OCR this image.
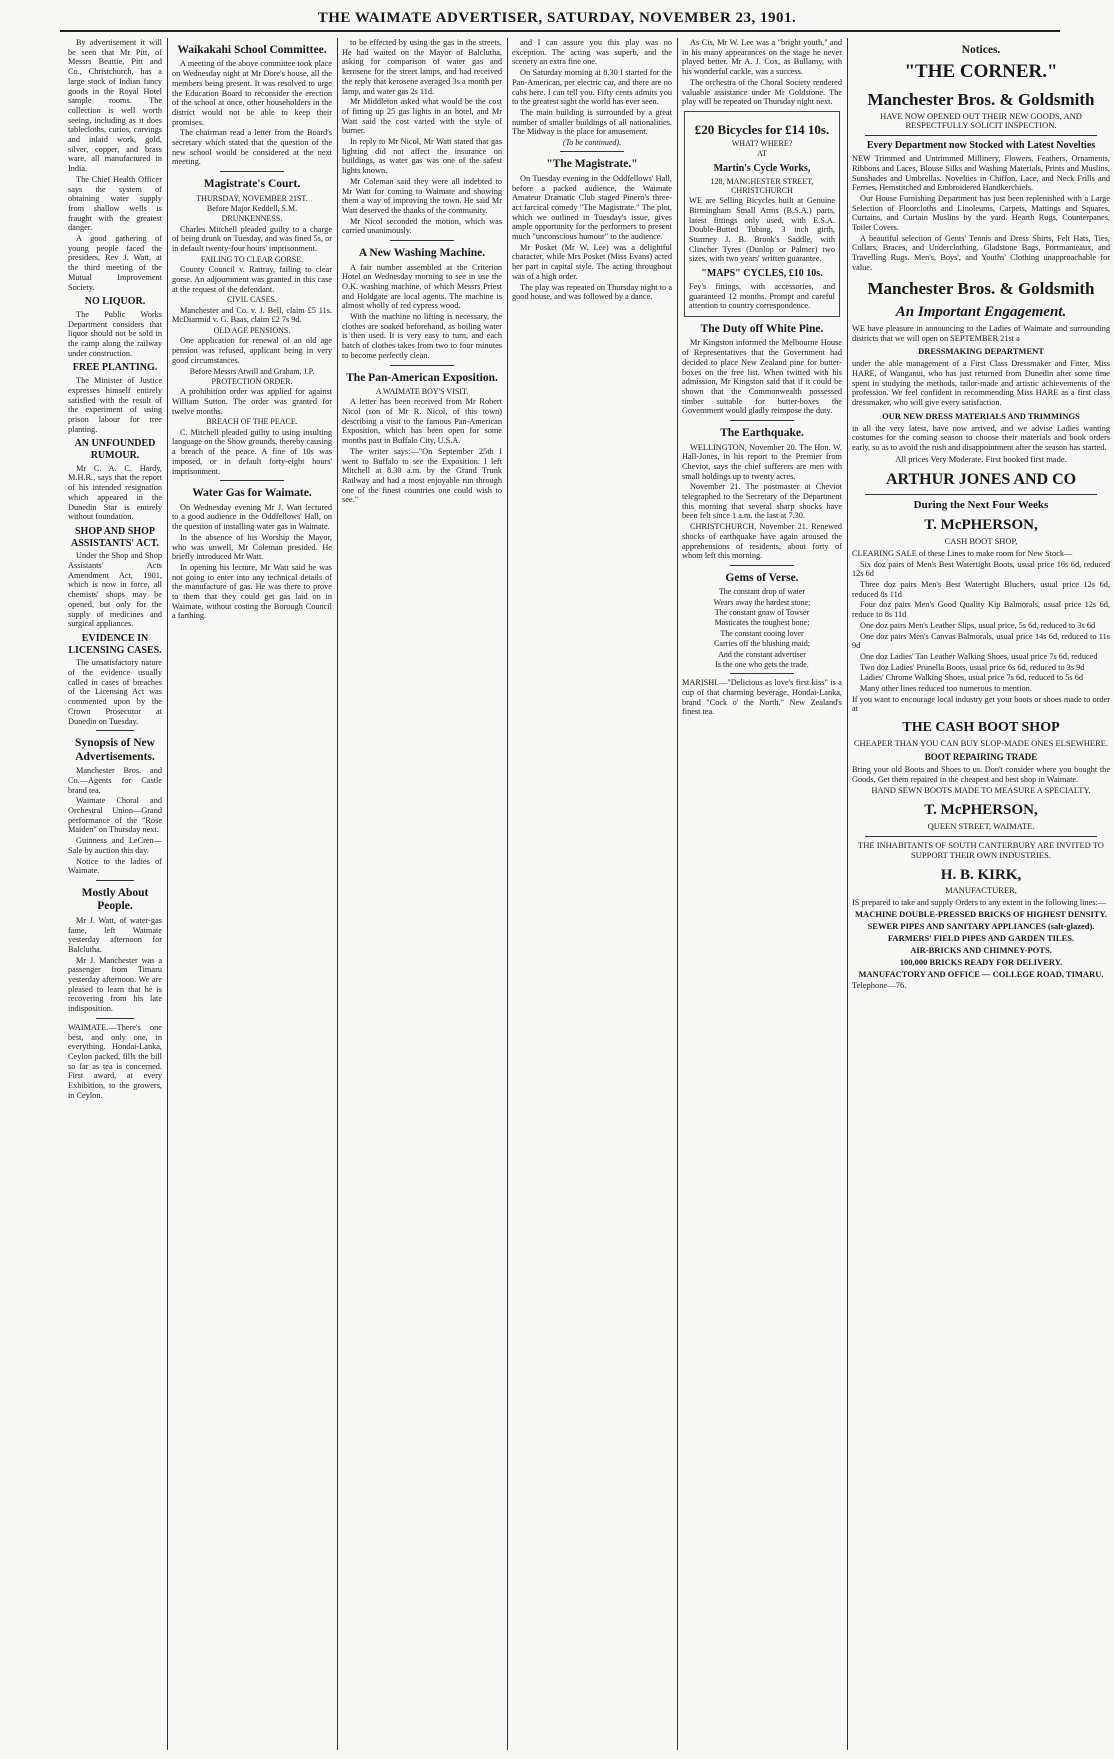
THE WAIMATE ADVERTISER, SATURDAY, NOVEMBER 23, 1901.

By advertisement it will be seen that Mr Pitt, of Messrs Beattie, Pitt and Co., Christchurch, has a large stock of Indian fancy goods in the Royal Hotel sample rooms. The collection is well worth seeing, including as it does tablecloths, curios, carvings and inlaid work, gold, silver, copper, and brass ware, all manufactured in India.

The Chief Health Officer says the system of obtaining water supply from shallow wells is fraught with the greatest danger.

A good gathering of young people faced the presiders, Rev J. Watt, at the third meeting of the Mutual Improvement Society.

NO LIQUOR.

The Public Works Department considers that liquor should not be sold in the camp along the railway under construction.

FREE PLANTING.

The Minister of Justice expresses himself entirely satisfied with the result of the experiment of using prison labour for tree planting.

AN UNFOUNDED RUMOUR.

Mr C. A. C. Hardy, M.H.R., says that the report of his intended resignation which appeared in the Dunedin Star is entirely without foundation.

SHOP AND SHOP ASSISTANTS' ACT.

Under the Shop and Shop Assistants' Acts Amendment Act, 1901, which is now in force, all chemists' shops may be opened, but only for the supply of medicines and surgical appliances.

EVIDENCE IN LICENSING CASES.

The unsatisfactory nature of the evidence usually called in cases of breaches of the Licensing Act was commented upon by the Crown Prosecutor at Dunedin on Tuesday.

Synopsis of New Advertisements.

Manchester Bros. and Co.—Agents for Castle brand tea.

Waimate Choral and Orchestral Union—Grand performance of the "Rose Maiden" on Thursday next.

Guinness and LeCren—Sale by auction this day.

Notice to the ladies of Waimate.

Mostly About People.

Mr J. Watt, of water-gas fame, left Waimate yesterday afternoon for Balclutha.

Mr J. Manchester was a passenger from Timaru yesterday afternoon. We are pleased to learn that he is recovering from his late indisposition.

WAIMATE.—There's one best, and only one, in everything. Hondai-Lanka, Ceylon packed, fills the bill so far as tea is concerned. First award, at every Exhibition, to the growers, in Ceylon.

Waikakahi School Committee.

A meeting of the above committee took place on Wednesday night at Mr Dore's house, all the members being present. It was resolved to urge the Education Board to reconsider the erection of the school at once, other householders in the district would not be able to keep their promises.

The chairman read a letter from the Board's secretary which stated that the question of the new school would be considered at the next meeting.

Magistrate's Court.
THURSDAY, NOVEMBER 21ST.
Before Major Keddell, S.M.
DRUNKENNESS.

Charles Mitchell pleaded guilty to a charge of being drunk on Tuesday, and was fined 5s, or in default twenty-four hours' imprisonment.

FAILING TO CLEAR GORSE.

County Council v. Rattray, failing to clear gorse. An adjournment was granted in this case at the request of the defendant.

CIVIL CASES.

Manchester and Co. v. J. Bell, claim £5 11s. McDiarmid v. G. Baas, claim £2 7s 9d.

OLD AGE PENSIONS.

One application for renewal of an old age pension was refused, applicant being in very good circumstances.

Before Messrs Atwill and Graham, J.P.
PROTECTION ORDER.

A prohibition order was applied for against William Sutton. The order was granted for twelve months.

BREACH OF THE PEACE.

C. Mitchell pleaded guilty to using insulting language on the Show grounds, thereby causing a breach of the peace. A fine of 10s was imposed, or in default forty-eight hours' imprisonment.

Water Gas for Waimate.

On Wednesday evening Mr J. Watt lectured to a good audience in the Oddfellows' Hall, on the question of installing water gas in Waimate.

In the absence of his Worship the Mayor, who was unwell, Mr Coleman presided. He briefly introduced Mr Watt.

In opening his lecture, Mr Watt said he was not going to enter into any technical details of the manufacture of gas. He was there to prove to them that they could get gas laid on in Waimate, without costing the Borough Council a farthing.

to be effected by using the gas in the streets. He had waited on the Mayor of Balclutha, asking for comparison of water gas and kerosene for the street lamps, and had received the reply that kerosene averaged 3s a month per lamp, and water gas 2s 11d.

Mr Middleton asked what would be the cost of fitting up 25 gas lights in an hotel, and Mr Watt said the cost varied with the style of burner.

In reply to Mr Nicol, Mr Watt stated that gas lighting did not affect the insurance on buildings, as water gas was one of the safest lights known.

Mr Coleman said they were all indebted to Mr Watt for coming to Waimate and showing them a way of improving the town. He said Mr Watt deserved the thanks of the community.

Mr Nicol seconded the motion, which was carried unanimously.

A New Washing Machine.

A fair number assembled at the Criterion Hotel on Wednesday morning to see in use the O.K. washing machine, of which Messrs Priest and Holdgate are local agents. The machine is almost wholly of red cypress wood.

With the machine no lifting is necessary, the clothes are soaked beforehand, as boiling water is then used. It is very easy to turn, and each batch of clothes takes from two to four minutes to become perfectly clean.

The Pan-American Exposition.
A WAIMATE BOY'S VISIT.

A letter has been received from Mr Robert Nicol (son of Mr R. Nicol, of this town) describing a visit to the famous Pan-American Exposition, which has been open for some months past in Buffalo City, U.S.A.

The writer says:—"On September 25th I went to Buffalo to see the Exposition. I left Mitchell at 8.30 a.m. by the Grand Trunk Railway and had a most enjoyable run through one of the finest countries one could wish to see."

and I can assure you this play was no exception. The acting was superb, and the scenery an extra fine one.

On Saturday morning at 8.30 I started for the Pan-American, per electric car, and there are no cabs here. I can tell you. Fifty cents admits you to the greatest sight the world has ever seen.

The main building is surrounded by a great number of smaller buildings of all nationalities. The Midway is the place for amusement.

(To be continued).
"The Magistrate."

On Tuesday evening in the Oddfellows' Hall, before a packed audience, the Waimate Amateur Dramatic Club staged Pinero's three-act farcical comedy "The Magistrate." The plot, which we outlined in Tuesday's issue, gives ample opportunity for the performers to present much "unconscious humour" to the audience.

Mr Posket (Mr W. Lee) was a delightful character, while Mrs Posket (Miss Evans) acted her part in capital style. The acting throughout was of a high order.

The play was repeated on Thursday night to a good house, and was followed by a dance.

As Cis, Mr W. Lee was a "bright youth," and in his many appearances on the stage he never played better. Mr A. J. Cox, as Bullamy, with his wonderful cackle, was a success.

The orchestra of the Choral Society rendered valuable assistance under Mr Goldstone. The play will be repeated on Thursday night next.

£20 Bicycles for £14 10s.
WHAT? WHERE?
AT
Martin's Cycle Works,
128, MANCHESTER STREET, CHRISTCHURCH

WE are Selling Bicycles built at Genuine Birmingham Small Arms (B.S.A.) parts, latest fittings only used, with E.S.A. Double-Butted Tubing, 3 inch girth, Sturmey J. B. Brook's Saddle, with Clincher Tyres (Dunlop or Palmer) two sizes, with two years' written guarantee.

"MAPS" CYCLES, £10 10s.

Fey's fittings, with accessories, and guaranteed 12 months. Prompt and careful attention to country correspondence.

The Duty off White Pine.

Mr Kingston informed the Melbourne House of Representatives that the Government had decided to place New Zealand pine for butter-boxes on the free list. When twitted with his admission, Mr Kingston said that if it could be shown that the Commonwealth possessed timber suitable for butter-boxes the Government would gladly reimpose the duty.

The Earthquake.

WELLINGTON, November 20. The Hon. W. Hall-Jones, in his report to the Premier from Cheviot, says the chief sufferers are men with small holdings up to twenty acres.

November 21. The postmaster at Cheviot telegraphed to the Secretary of the Department this morning that several sharp shocks have been felt since 1 a.m. the last at 7.30.

CHRISTCHURCH, November 21. Renewed shocks of earthquake have again aroused the apprehensions of residents, about forty of whom left this morning.

Gems of Verse.
The constant drop of water
Wears away the hardest stone;
The constant gnaw of Towser
Masticates the toughest bone;
The constant cooing lover
Carries off the blushing maid;
And the constant advertiser
Is the one who gets the trade.

MARISHI.—"Delicious as love's first kiss" is a cup of that charming beverage, Hondai-Lanka, brand "Cock o' the North." New Zealand's finest tea.

Notices.
"THE CORNER."
Manchester Bros. & Goldsmith
HAVE NOW OPENED OUT THEIR NEW GOODS, AND RESPECTFULLY SOLICIT INSPECTION.
Every Department now Stocked with Latest Novelties

NEW Trimmed and Untrimmed Millinery, Flowers, Feathers, Ornaments, Ribbons and Laces, Blouse Silks and Washing Materials, Prints and Muslins, Sunshades and Umbrellas. Novelties in Chiffon, Lace, and Neck Frills and Ferries, Hemstitched and Embroidered Handkerchiefs.

Our House Furnishing Department has just been replenished with a Large Selection of Floorcloths and Linoleums, Carpets, Mattings and Squares, Curtains, and Curtain Muslins by the yard. Hearth Rugs, Counterpanes, Toilet Covers.

A beautiful selection of Gents' Tennis and Dress Shirts, Felt Hats, Ties, Collars, Braces, and Underclothing. Gladstone Bags, Portmanteaux, and Travelling Rugs. Men's, Boys', and Youths' Clothing unapproachable for value.

Manchester Bros. & Goldsmith
An Important Engagement.

WE have pleasure in announcing to the Ladies of Waimate and surrounding districts that we will open on SEPTEMBER 21st a

DRESSMAKING DEPARTMENT

under the able management of a First Class Dressmaker and Fitter, Miss HARE, of Wanganui, who has just returned from Dunedin after some time spent in studying the methods, tailor-made and artistic achievements of the profession. We feel confident in recommending Miss HARE as a first class dressmaker, who will give every satisfaction.

OUR NEW DRESS MATERIALS AND TRIMMINGS

in all the very latest, have now arrived, and we advise Ladies wanting costumes for the coming season to choose their materials and book orders early, so as to avoid the rush and disappointment after the season has started.

All prices Very Moderate. First booked first made.
ARTHUR JONES AND CO
During the Next Four Weeks
T. McPHERSON,
CASH BOOT SHOP,

CLEARING SALE of these Lines to make room for New Stock—

Six doz pairs of Men's Best Watertight Boots, usual price 16s 6d, reduced 12s 6d

Three doz pairs Men's Best Watertight Bluchers, usual price 12s 6d, reduced 8s 11d

Four doz pairs Men's Good Quality Kip Balmorals, usual price 12s 6d, reduce to 8s 11d

One doz pairs Men's Leather Slips, usual price, 5s 6d, reduced to 3s 6d

One doz pairs Men's Canvas Balmorals, usual price 14s 6d, reduced to 11s 9d

One doz Ladies' Tan Leather Walking Shoes, usual price 7s 6d, reduced

Two doz Ladies' Prunella Boots, usual price 6s 6d, reduced to 3s 9d

Ladies' Chrome Walking Shoes, usual price 7s 6d, reduced to 5s 6d

Many other lines reduced too numerous to mention.

If you want to encourage local industry get your boots or shoes made to order at

THE CASH BOOT SHOP
CHEAPER THAN YOU CAN BUY SLOP-MADE ONES ELSEWHERE.
BOOT REPAIRING TRADE

Bring your old Boots and Shoes to us. Don't consider where you bought the Goods, Get them repaired in the cheapest and best shop in Waimate.

HAND SEWN BOOTS MADE TO MEASURE A SPECIALTY.
T. McPHERSON,
QUEEN STREET, WAIMATE.
THE INHABITANTS OF SOUTH CANTERBURY ARE INVITED TO SUPPORT THEIR OWN INDUSTRIES.
H. B. KIRK,
MANUFACTURER,

IS prepared to take and supply Orders to any extent in the following lines:—

MACHINE DOUBLE-PRESSED BRICKS OF HIGHEST DENSITY.
SEWER PIPES AND SANITARY APPLIANCES (salt-glazed).
FARMERS' FIELD PIPES AND GARDEN TILES.
AIR-BRICKS AND CHIMNEY-POTS.
100,000 BRICKS READY FOR DELIVERY.
MANUFACTORY AND OFFICE — COLLEGE ROAD, TIMARU.
Telephone—76.
